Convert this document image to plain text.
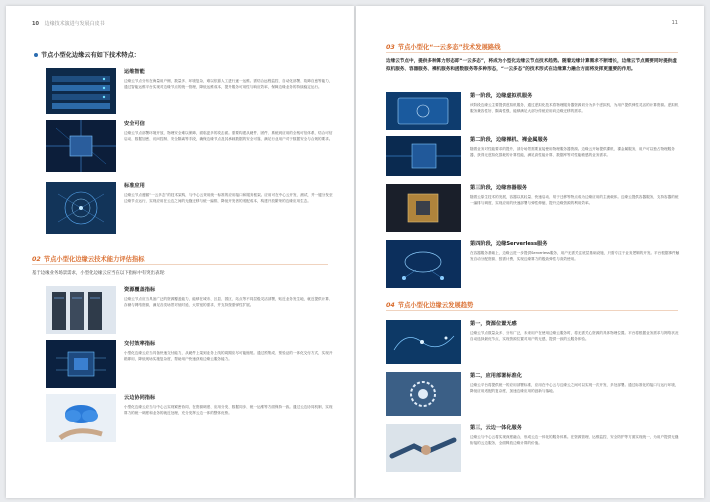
10 边缘技术演进与发展白皮书
节点小型化边缘云有如下技术特点：
运维智能
边缘云节点分布在海量用户侧，数量多、环境复杂，难以依靠人工进行逐一运维。需结合远程监控、自动化部署、故障自愈等能力，通过智能运维平台实现对边缘节点的统一管理，降低运维成本，提升服务可用性与响应效率，保障边缘业务的持续稳定运行。
安全可信
边缘云节点部署环境开放，物理安全难以保障，面临更多的攻击面。需要构建从硬件、固件、系统到应用的全栈可信体系，结合可信启动、数据加密、访问控制、安全隔离等手段，确保边缘节点及其承载数据的安全可靠，满足行业用户对于数据安全与合规的要求。
标准应用
边缘云节点遵循“一云多态”的技术架构，与中心云采用统一标准的应用接口和服务框架。应用可在中心云开发、测试，并一键分发至边缘节点运行，实现应用在云边之间的无缝迁移与统一编排，降低开发者的适配成本，构建开放繁荣的边缘应用生态。
02 节点小型化边缘云技术能力评估指标
基于边缘业务场景需求，小型化边缘云应当在以下指标中有突出表现：
资源覆盖指标
边缘云节点应当具备广泛的资源覆盖能力，能够在城市、区县、园区、站点等不同层级灵活部署，贴近业务发生地，就近提供计算、存储与网络资源，满足各类场景对低时延、大带宽的需求，并支持按需弹性扩展。
交付效率指标
小型化边缘云应当具备快速交付能力，从硬件上架到业务上线的周期应尽可能缩短。通过预集成、预验证的一体化交付方式，实现开箱即用，降低现场实施复杂度，帮助用户快速获取边缘云服务能力。
云边协同指标
小型化边缘云应当与中心云实现紧密协同，在资源调度、应用分发、数据同步、统一运维等方面保持一致。通过云边协同机制，实现算力的统一调度和业务的就近处理，充分发挥云边一体的整体优势。
11
03 节点小型化“一云多态”技术发展路线
边缘云节点中，提供多种算力形态即“一云多态”，将成为小型化边缘云节点技术趋势。随着边缘计算需求不断增长，边缘云节点需要同时提供虚拟机服务、容器服务、裸机服务和函数服务等多种形态，“一云多态”的技术形式在边缘算力融合方面将发挥更重要的作用。
第一阶段，边缘虚拟机服务
该阶段边缘云主要提供虚拟机服务，通过虚拟化技术将物理服务器资源切分为多个虚拟机，为用户提供弹性灵活的计算资源。虚拟机服务兼容性好、隔离性强，能够满足大部分传统应用向边缘迁移的需求。
第二阶段，边缘裸机、裸金属服务
随着业务对性能要求的提升，部分场景需要直接使用物理服务器资源。边缘云开始提供裸机、裸金属服务，用户可以独占物理服务器，获得无虚拟化损耗的计算性能，满足高性能计算、数据库等对性能敏感的业务需求。
第三阶段，边缘容器服务
随着云原生技术的发展，容器以其轻量、快速启动、易于迁移等特点成为边缘应用的主流载体。边缘云提供容器服务，支持容器的统一编排与调度，实现应用的快速部署与弹性伸缩，提升边缘资源的利用效率。
第四阶段，边缘Serverless服务
在容器服务基础上，边缘云进一步提供Serverless服务，用户无需关注底层基础设施，只需专注于业务逻辑的开发。平台根据事件触发自动分配资源、按需计费，实现边缘算力的极致弹性与高效使用。
04 节点小型化边缘云发展趋势
第一，资源位置无感
边缘云节点数量众多、分布广泛，未来用户在使用边缘云服务时，将无需关心资源的具体物理位置。平台将根据业务需求与网络状况自动选择最优节点，实现资源位置对用户的无感，提供一致的云服务体验。
第二，应用部署标准化
边缘云平台将提供统一的应用部署标准，应用在中心云与边缘云之间可以实现一次开发、多处部署。通过标准化的接口与运行环境，降低应用适配的复杂度，加速边缘应用的创新与落地。
第三，云边一体化服务
边缘云与中心云将实现深度融合，形成云边一体化的服务体系。在资源管理、运维监控、安全防护等方面实现统一，为用户提供无缝衔接的云边服务，全面释放边缘计算的价值。
